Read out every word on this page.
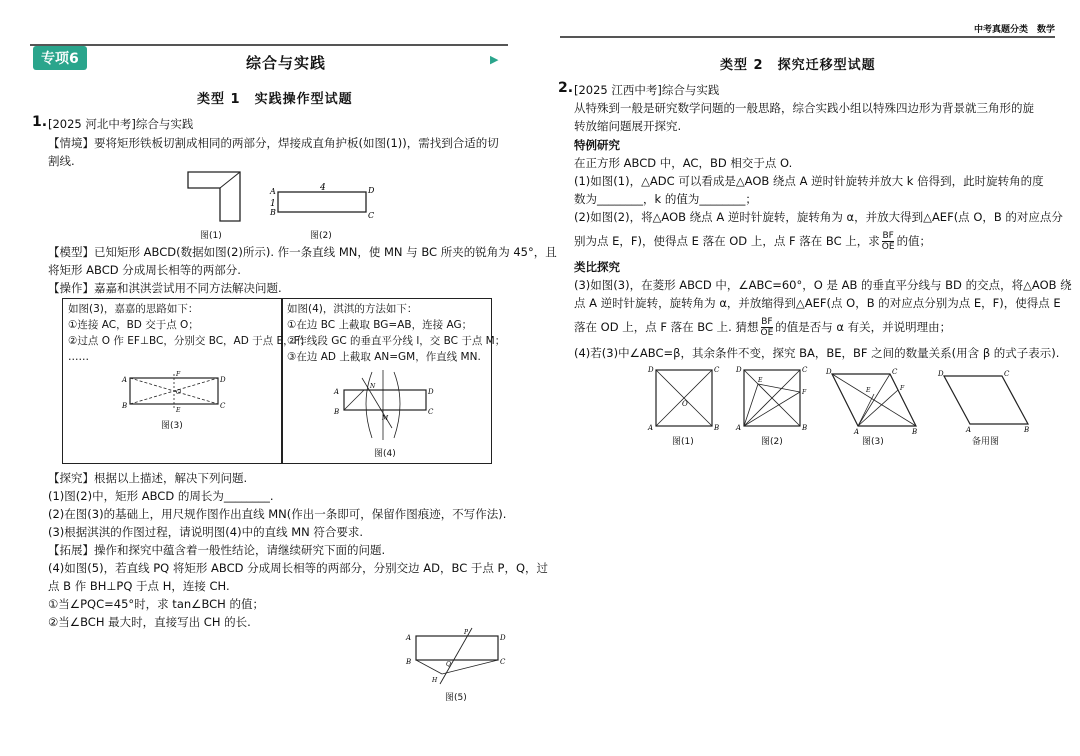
专项6	综合与实践	▶
类型 1　实践操作型试题
1. [2025 河北中考]综合与实践
【情境】要将矩形铁板切割成相同的两部分，焊接成直角护板(如图(1))，需找到合适的切
割线.
图(1)
4
1
A
B	C
D
图(2)
【模型】已知矩形 ABCD(数据如图(2)所示). 作一条直线 MN，使 MN 与 BC 所夹的锐角为 45°，且
将矩形 ABCD 分成周长相等的两部分.
【操作】嘉嘉和淇淇尝试用不同方法解决问题.
如图(3)，嘉嘉的思路如下：
①连接 AC，BD 交于点 O；
②过点 O 作 EF⊥BC，分别交 BC，AD 于点 E，F；
……
A
B	C
D
F
O
E
图(3)
如图(4)，淇淇的方法如下：
①在边 BC 上截取 BG=AB，连接 AG；
②作线段 GC 的垂直平分线 l，交 BC 于点 M；
③在边 AD 上截取 AN=GM，作直线 MN.
A
B	C
D
N
M
图(4)
【探究】根据以上描述，解决下列问题.
(1)图(2)中，矩形 ABCD 的周长为________.
(2)在图(3)的基础上，用尺规作图作出直线 MN(作出一条即可，保留作图痕迹，不写作法).
(3)根据淇淇的作图过程，请说明图(4)中的直线 MN 符合要求.
【拓展】操作和探究中蕴含着一般性结论，请继续研究下面的问题.
(4)如图(5)，若直线 PQ 将矩形 ABCD 分成周长相等的两部分，分别交边 AD，BC 于点 P，Q，过
点 B 作 BH⊥PQ 于点 H，连接 CH.
①当∠PQC=45°时，求 tan∠BCH 的值；
②当∠BCH 最大时，直接写出 CH 的长.
A
B	C
D
P
Q
H
图(5)
中考真题分类　数学
类型 2　探究迁移型试题
2. [2025 江西中考]综合与实践
从特殊到一般是研究数学问题的一般思路，综合实践小组以特殊四边形为背景就三角形的旋
转放缩问题展开探究.
特例研究
在正方形 ABCD 中，AC，BD 相交于点 O.
(1)如图(1)，△ADC 可以看成是△AOB 绕点 A 逆时针旋转并放大 k 倍得到，此时旋转角的度
数为________，k 的值为________；
(2)如图(2)，将△AOB 绕点 A 逆时针旋转，旋转角为 α，并放大得到△AEF(点 O，B 的对应点分
别为点 E，F)，使得点 E 落在 OD 上，点 F 落在 BC 上，求 $\frac{BF}{OE}$ 的值；
类比探究
(3)如图(3)，在菱形 ABCD 中，∠ABC=60°，O 是 AB 的垂直平分线与 BD 的交点，将△AOB 绕
点 A 逆时针旋转，旋转角为 α，并放缩得到△AEF(点 O，B 的对应点分别为点 E，F)，使得点 E
落在 OD 上，点 F 落在 BC 上. 猜想 $\frac{BF}{OE}$ 的值是否与 α 有关，并说明理由；
(4)若(3)中∠ABC=β，其余条件不变，探究 BA，BE，BF 之间的数量关系(用含 β 的式子表示).
D	C
A	B
O
图(1)
D	C
A	B
E
F
图(2)
D	C
A	B
E	F
图(3)
D	C
A	B
备用图
